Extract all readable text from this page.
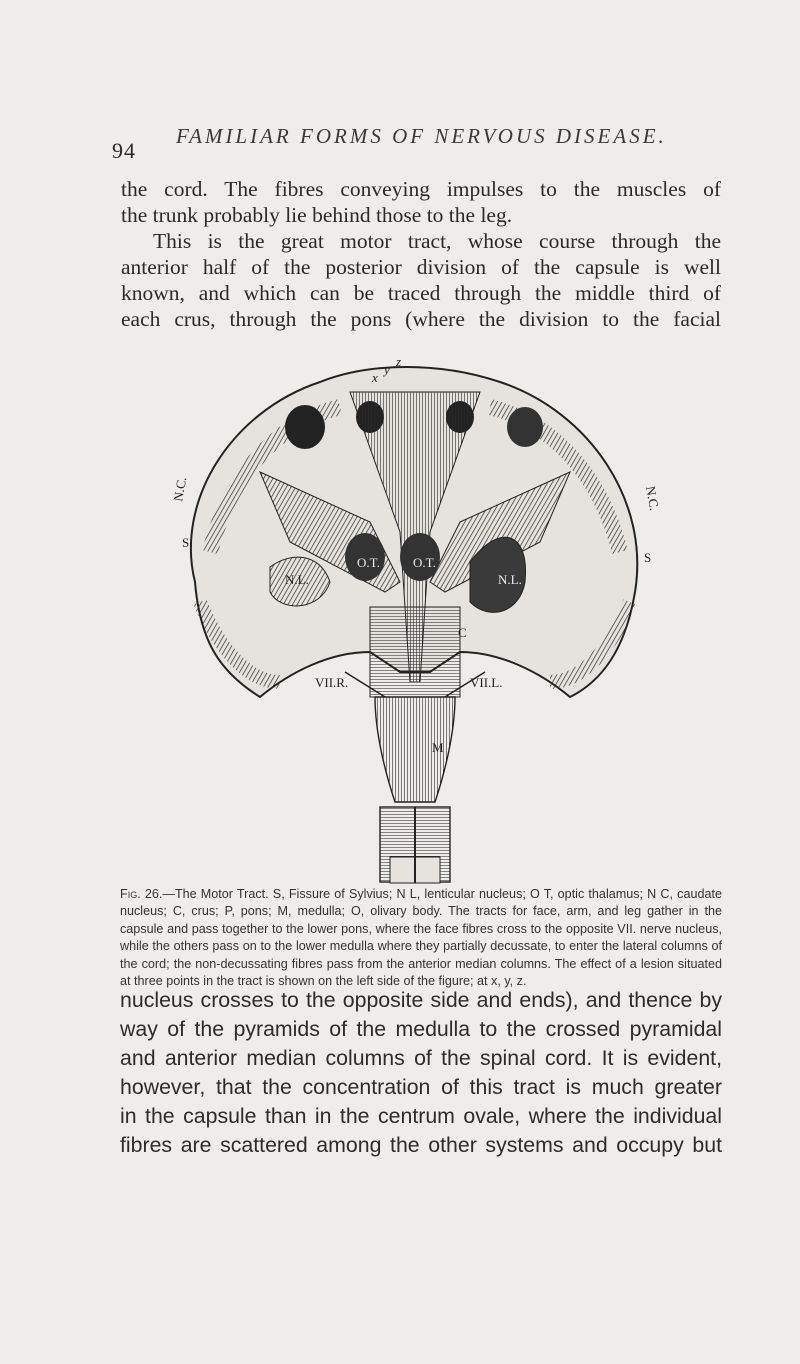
94
FAMILIAR FORMS OF NERVOUS DISEASE.

the cord. The fibres conveying impulses to the muscles of

the trunk probably lie behind those to the leg.

This is the great motor tract, whose course through the

anterior half of the posterior division of the capsule is well

known, and which can be traced through the middle third of

each crus, through the pons (where the division to the facial

x
y
z
S
S
N.C.	N.C.
O.T.	O.T.
N.L.	N.L.
C
VII.R.	VII.L.
M

Fig. 26.—The Motor Tract. S, Fissure of Sylvius; N L, lenticular nucleus; O T, optic thalamus; N C, caudate nucleus; C, crus; P, pons; M, medulla; O, olivary body. The tracts for face, arm, and leg gather in the capsule and pass together to the lower pons, where the face fibres cross to the opposite VII. nerve nucleus, while the others pass on to the lower medulla where they partially decussate, to enter the lateral columns of the cord; the non-decussating fibres pass from the anterior median columns. The effect of a lesion situated at three points in the tract is shown on the left side of the figure; at x, y, z.

nucleus crosses to the opposite side and ends), and thence by

way of the pyramids of the medulla to the crossed pyramidal

and anterior median columns of the spinal cord. It is evident,

however, that the concentration of this tract is much greater

in the capsule than in the centrum ovale, where the individual

fibres are scattered among the other systems and occupy but
